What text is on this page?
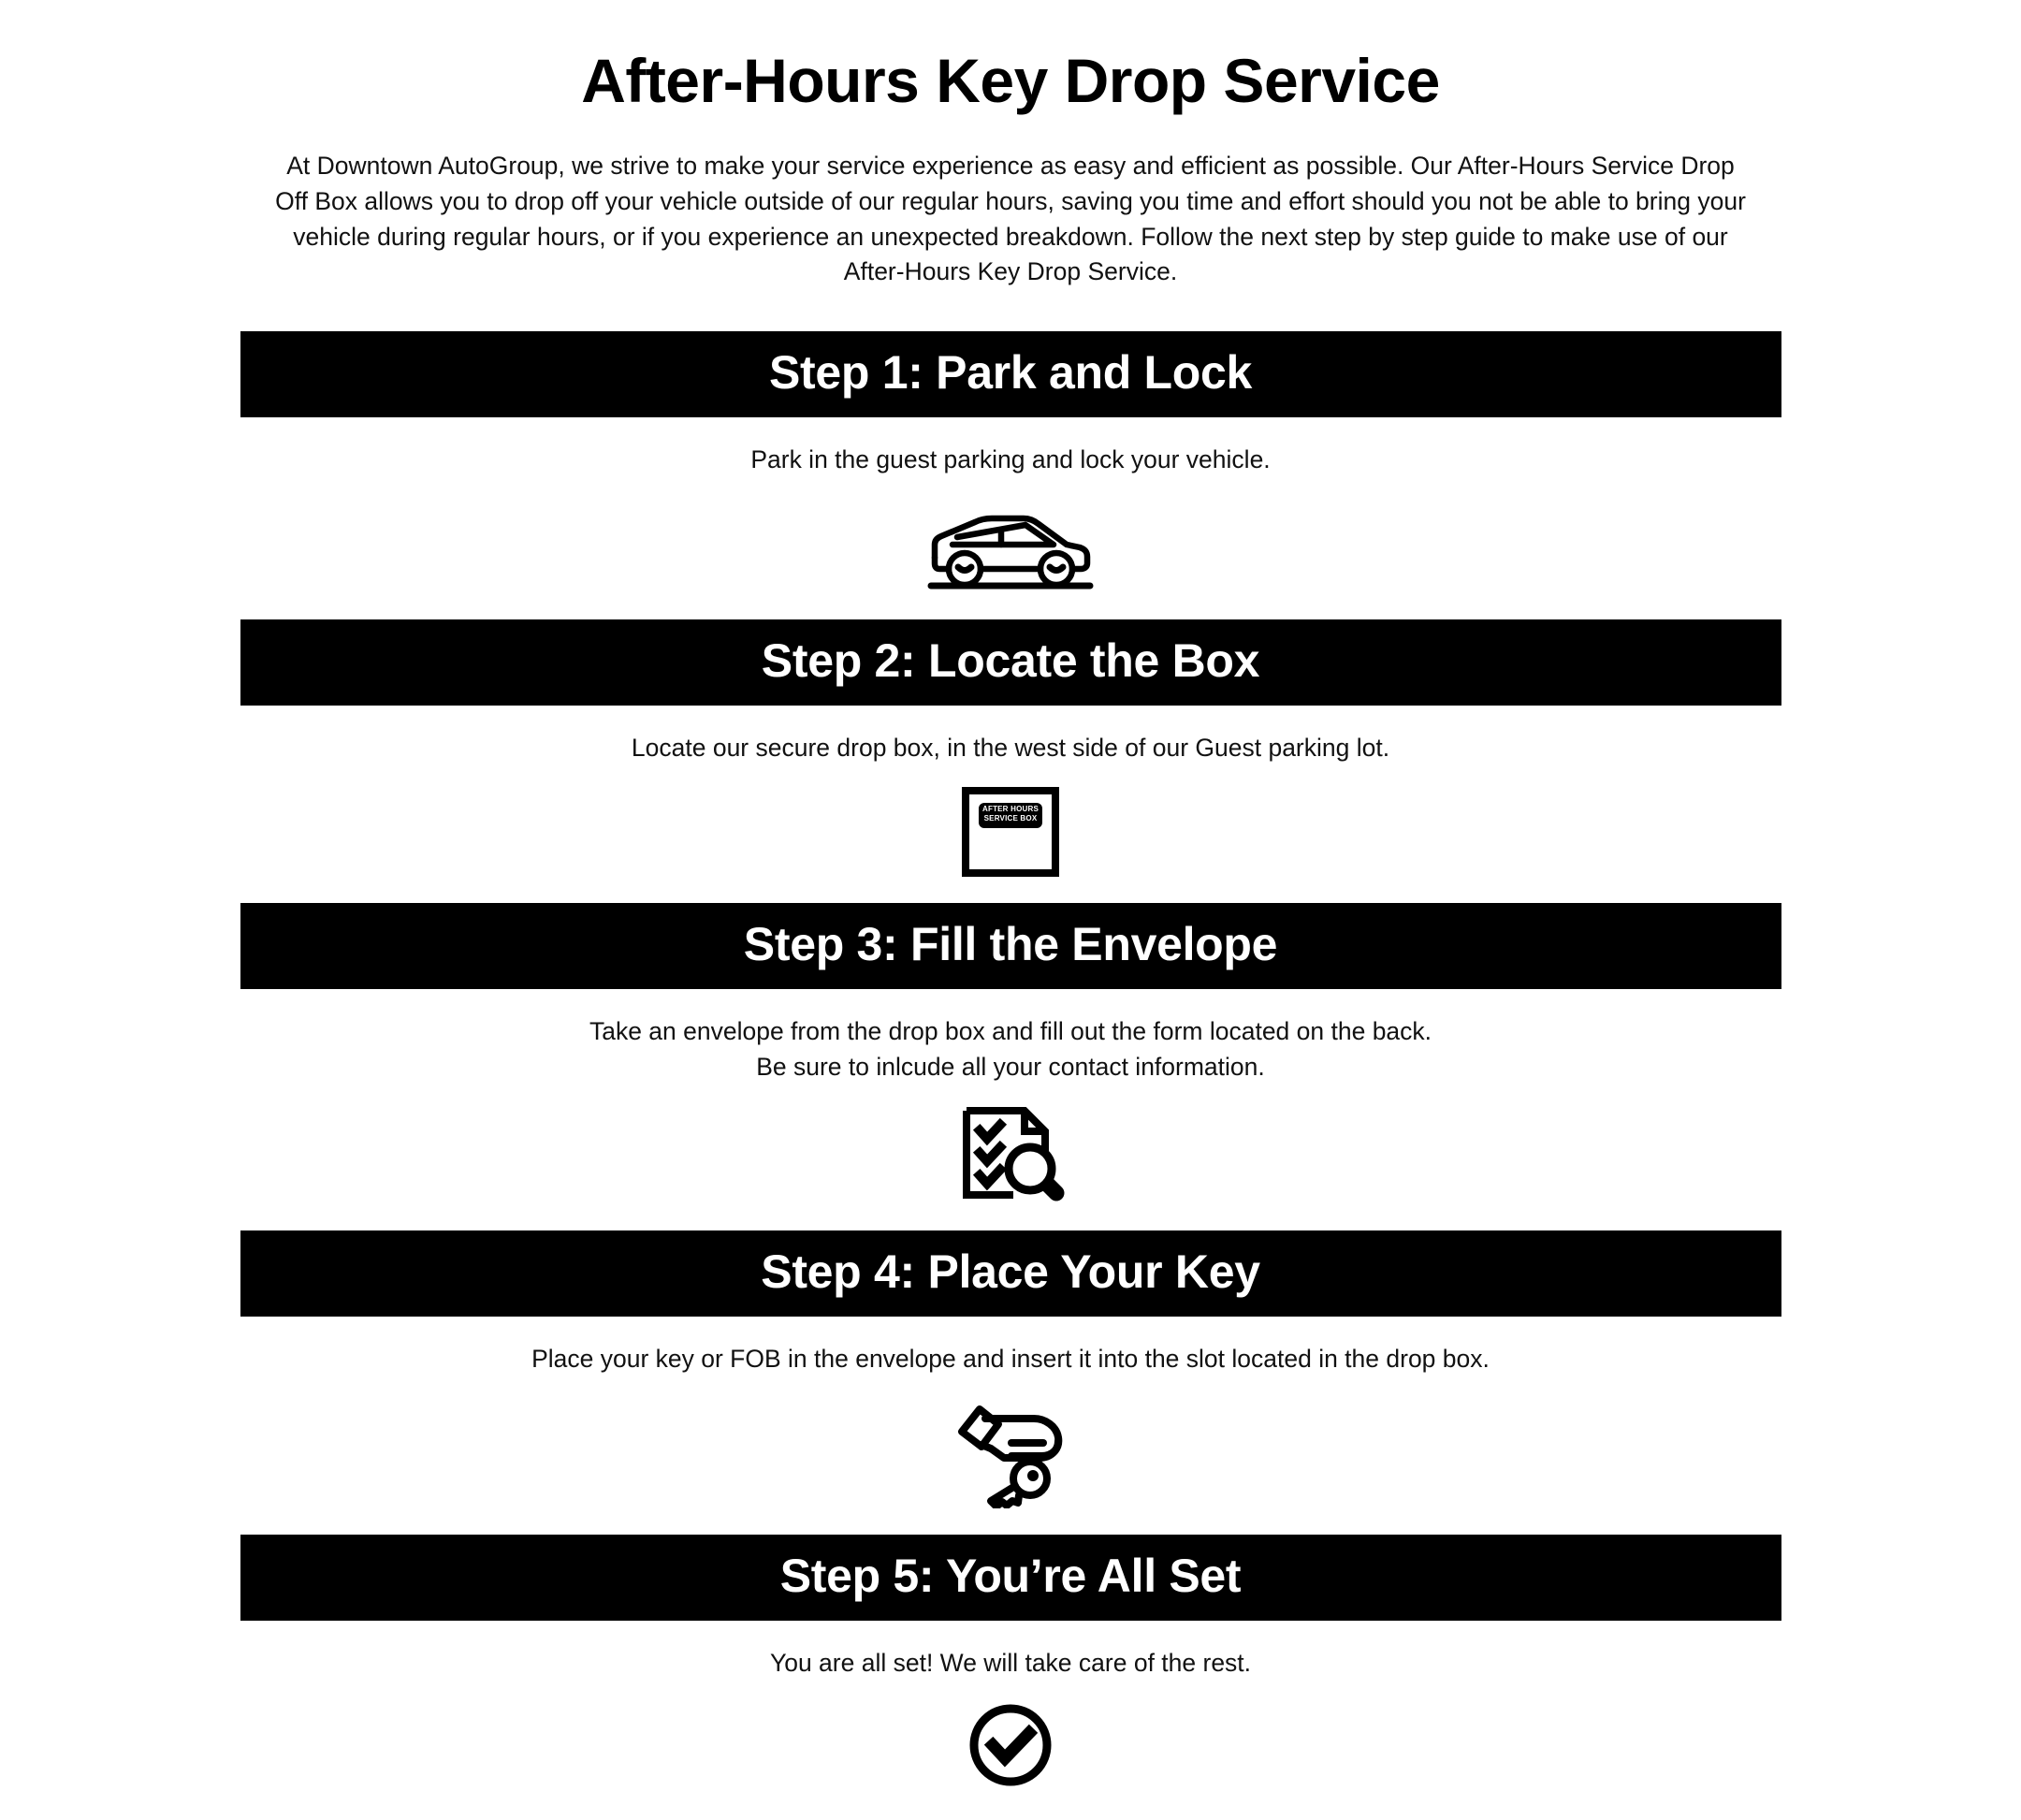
After-Hours Key Drop Service

At Downtown AutoGroup, we strive to make your service experience as easy and efficient as possible. Our After-Hours Service Drop Off Box allows you to drop off your vehicle outside of our regular hours, saving you time and effort should you not be able to bring your vehicle during regular hours, or if you experience an unexpected breakdown. Follow the next step by step guide to make use of our After-Hours Key Drop Service.

Step 1: Park and Lock
Park in the guest parking and lock your vehicle.
Step 2: Locate the Box
Locate our secure drop box, in the west side of our Guest parking lot.
AFTER HOURS
SERVICE BOX
Step 3: Fill the Envelope
Take an envelope from the drop box and fill out the form located on the back.
Be sure to inlcude all your contact information.
Step 4: Place Your Key
Place your key or FOB in the envelope and insert it into the slot located in the drop box.
Step 5: You’re All Set
You are all set! We will take care of the rest.
